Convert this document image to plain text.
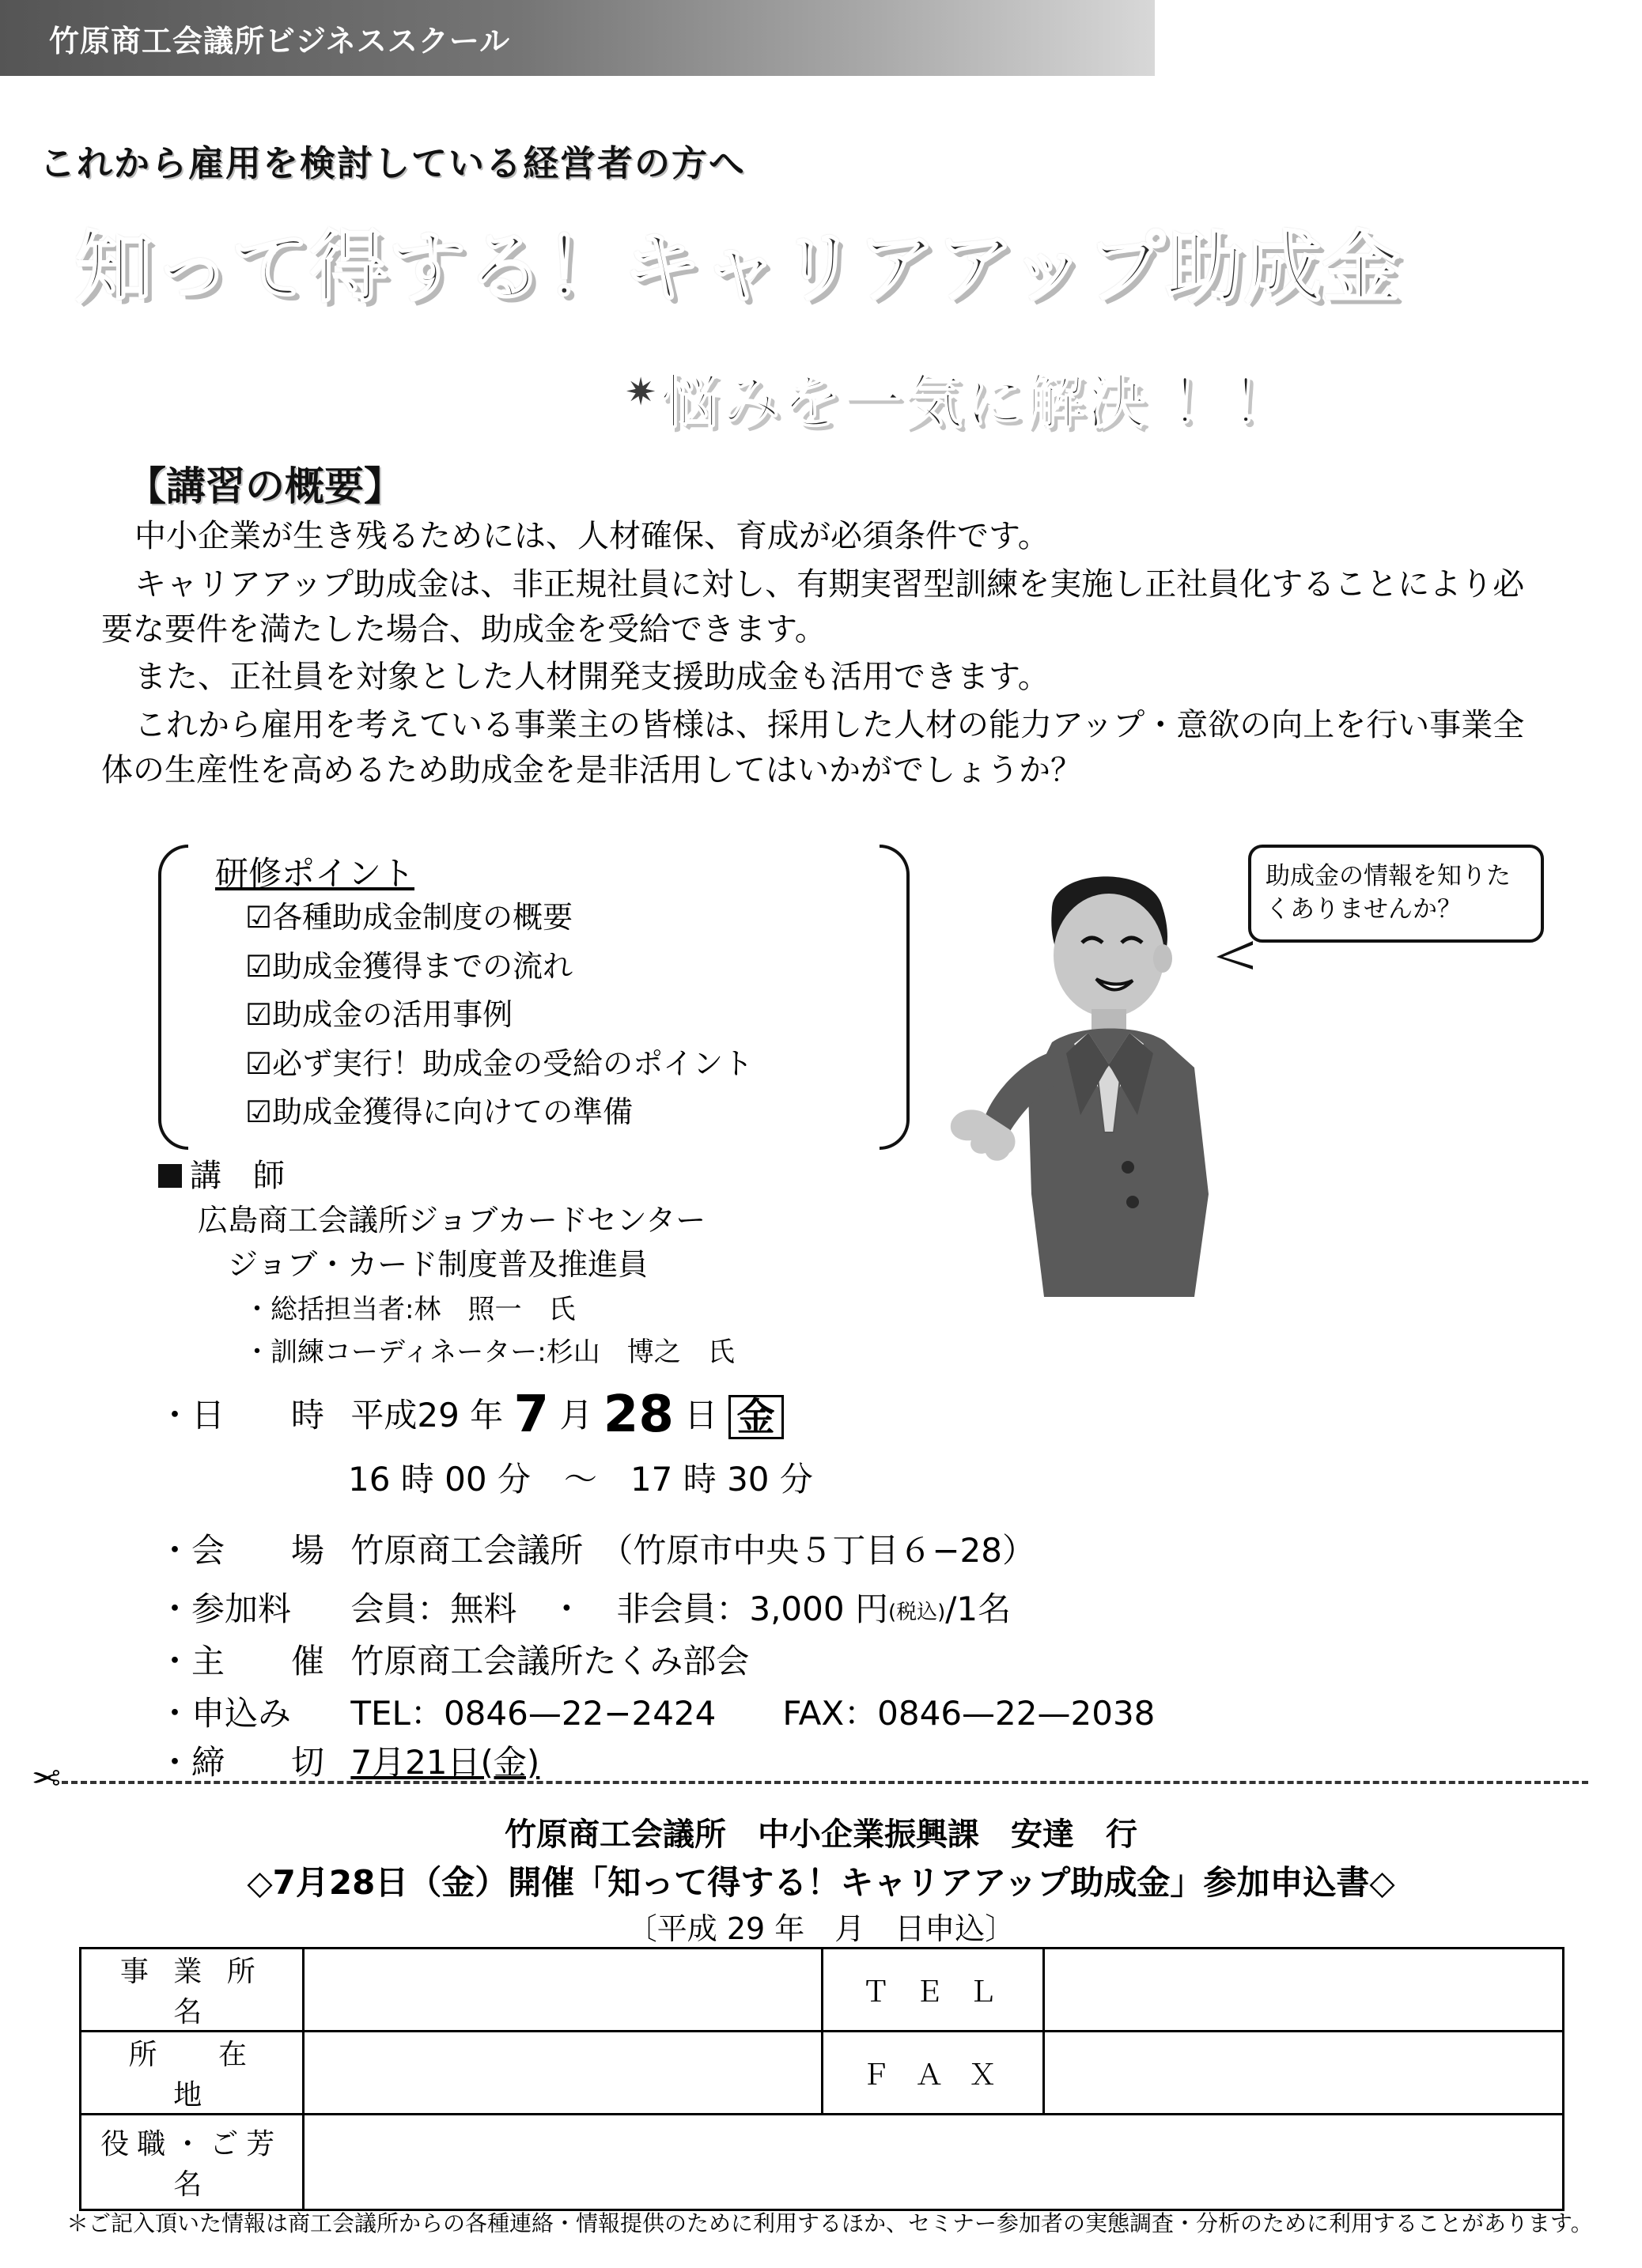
竹原商工会議所ビジネススクール
これから雇用を検討している経営者の方へ
知って得する！キャリアアップ助成金
✷ 悩みを一気に解決 ！！
【講習の概要】

中小企業が生き残るためには、人材確保、育成が必須条件です。

キャリアアップ助成金は、非正規社員に対し、有期実習型訓練を実施し正社員化することにより必要な要件を満たした場合、助成金を受給できます。

また、正社員を対象とした人材開発支援助成金も活用できます。

これから雇用を考えている事業主の皆様は、採用した人材の能力アップ・意欲の向上を行い事業全体の生産性を高めるため助成金を是非活用してはいかがでしょうか？

研修ポイント
☑各種助成金制度の概要
☑助成金獲得までの流れ
☑助成金の活用事例
☑必ず実行！助成金の受給のポイント
☑助成金獲得に向けての準備
助成金の情報を知りたくありませんか？
講　師
広島商工会議所ジョブカードセンター
ジョブ・カード制度普及推進員
・総括担当者:林　照一　氏
・訓練コーディネーター:杉山　博之　氏
・日　　時 平成29 年 7 月 28 日 金
16 時 00 分　〜　17 時 30 分
・会　　場 竹原商工会議所　（竹原市中央５丁目６−28）
・参加料 会員：無料　・　非会員：3,000 円(税込)/1名
・主　　催 竹原商工会議所たくみ部会
・申込み TEL：0846—22−2424　　FAX：0846—22—2038
・締　　切 7月21日(金)
✂
竹原商工会議所　中小企業振興課　安達　行
◇7月28日（金）開催「知って得する！キャリアアップ助成金」参加申込書◇
〔平成 29 年　月　日申込〕
事 業 所 名		Ｔ Ｅ Ｌ	
所 　在　 地		Ｆ Ａ Ｘ	
役職・ご芳名			
＊ご記入頂いた情報は商工会議所からの各種連絡・情報提供のために利用するほか、セミナー参加者の実態調査・分析のために利用することがあります。
